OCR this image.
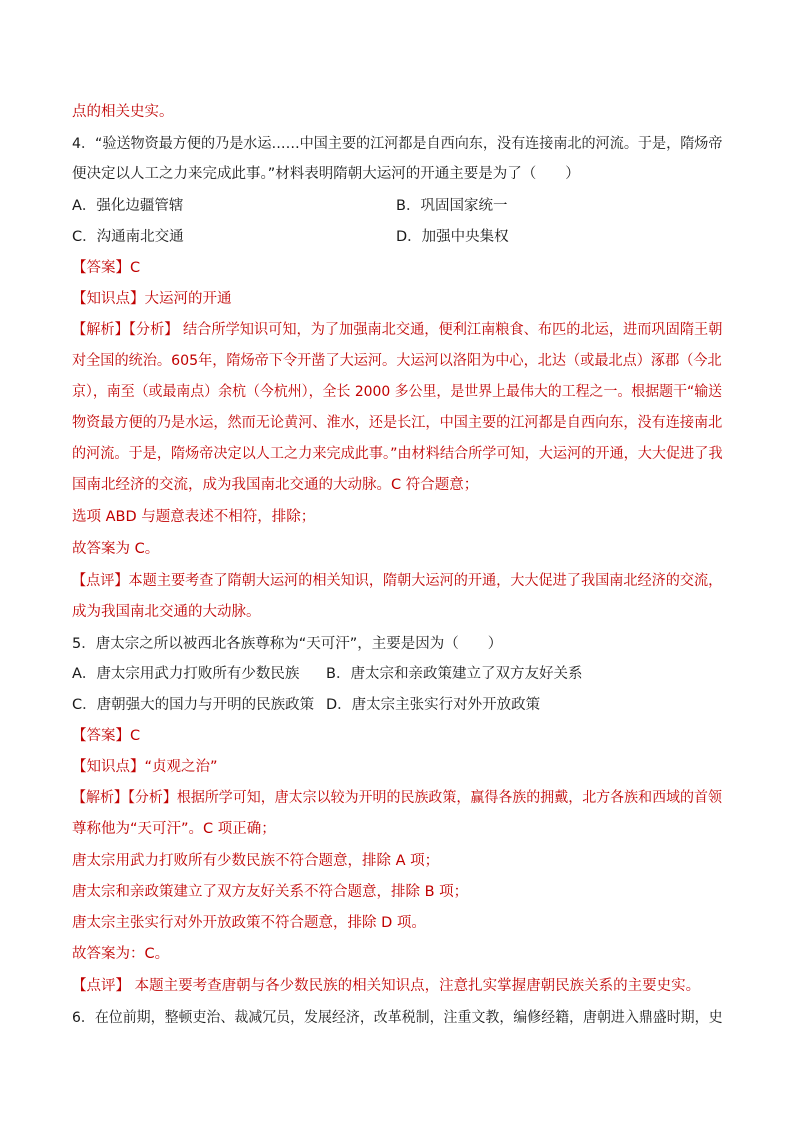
点的相关史实。
4．“验送物资最方便的乃是水运……中国主要的江河都是自西向东，没有连接南北的河流。于是，隋炀帝
便决定以人工之力来完成此事。”材料表明隋朝大运河的开通主要是为了（　　）
A．强化边疆管辖	B．巩固国家统一
C．沟通南北交通	D．加强中央集权
【答案】C
【知识点】大运河的开通
【解析】【分析】 结合所学知识可知，为了加强南北交通，便利江南粮食、布匹的北运，进而巩固隋王朝
对全国的统治。605年，隋炀帝下令开凿了大运河。大运河以洛阳为中心，北达（或最北点）涿郡（今北
京），南至（或最南点）余杭（今杭州），全长 2000 多公里，是世界上最伟大的工程之一。根据题干“输送
物资最方便的乃是水运，然而无论黄河、淮水，还是长江，中国主要的江河都是自西向东，没有连接南北
的河流。于是，隋炀帝决定以人工之力来完成此事。”由材料结合所学可知，大运河的开通，大大促进了我
国南北经济的交流，成为我国南北交通的大动脉。C 符合题意；
选项 ABD 与题意表述不相符，排除；
故答案为 C。
【点评】本题主要考查了隋朝大运河的相关知识，隋朝大运河的开通，大大促进了我国南北经济的交流，
成为我国南北交通的大动脉。
5．唐太宗之所以被西北各族尊称为“天可汗”，主要是因为（　　）
A．唐太宗用武力打败所有少数民族 B．唐太宗和亲政策建立了双方友好关系
C．唐朝强大的国力与开明的民族政策 D．唐太宗主张实行对外开放政策
【答案】C
【知识点】“贞观之治”
【解析】【分析】根据所学可知，唐太宗以较为开明的民族政策，赢得各族的拥戴，北方各族和西域的首领
尊称他为“天可汗”。C 项正确；
唐太宗用武力打败所有少数民族不符合题意，排除 A 项；
唐太宗和亲政策建立了双方友好关系不符合题意，排除 B 项；
唐太宗主张实行对外开放政策不符合题意，排除 D 项。
故答案为：C。
【点评】 本题主要考查唐朝与各少数民族的相关知识点，注意扎实掌握唐朝民族关系的主要史实。
6．在位前期，整顿吏治、裁减冗员，发展经济，改革税制，注重文教，编修经籍，唐朝进入鼎盛时期，史
